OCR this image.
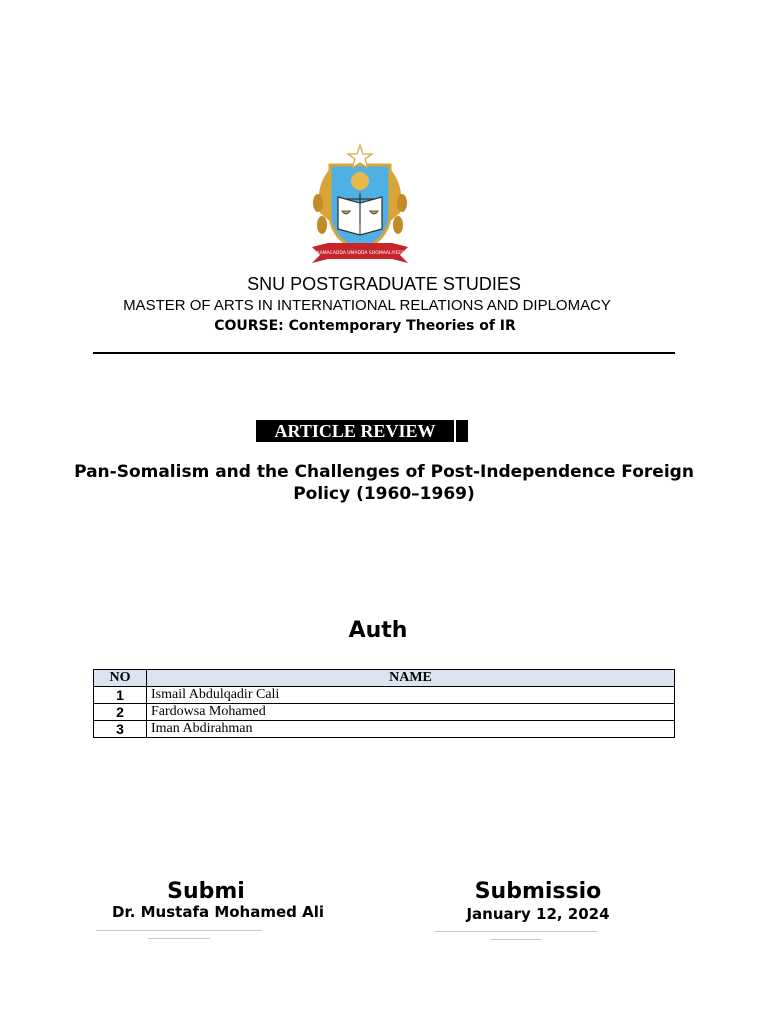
JAAMACADDA UMADDA SOOMAALIYEED
SNU POSTGRADUATE STUDIES
MASTER OF ARTS IN INTERNATIONAL RELATIONS AND DIPLOMACY
COURSE: Contemporary Theories of IR
ARTICLE REVIEW
Pan-Somalism and the Challenges of Post-Independence Foreign Policy (1960–1969)
Auth
NO	NAME
1	Ismail Abdulqadir Cali
2	Fardowsa Mohamed
3	Iman Abdirahman
Submi
Dr. Mustafa Mohamed Ali
Submissio
January 12, 2024
